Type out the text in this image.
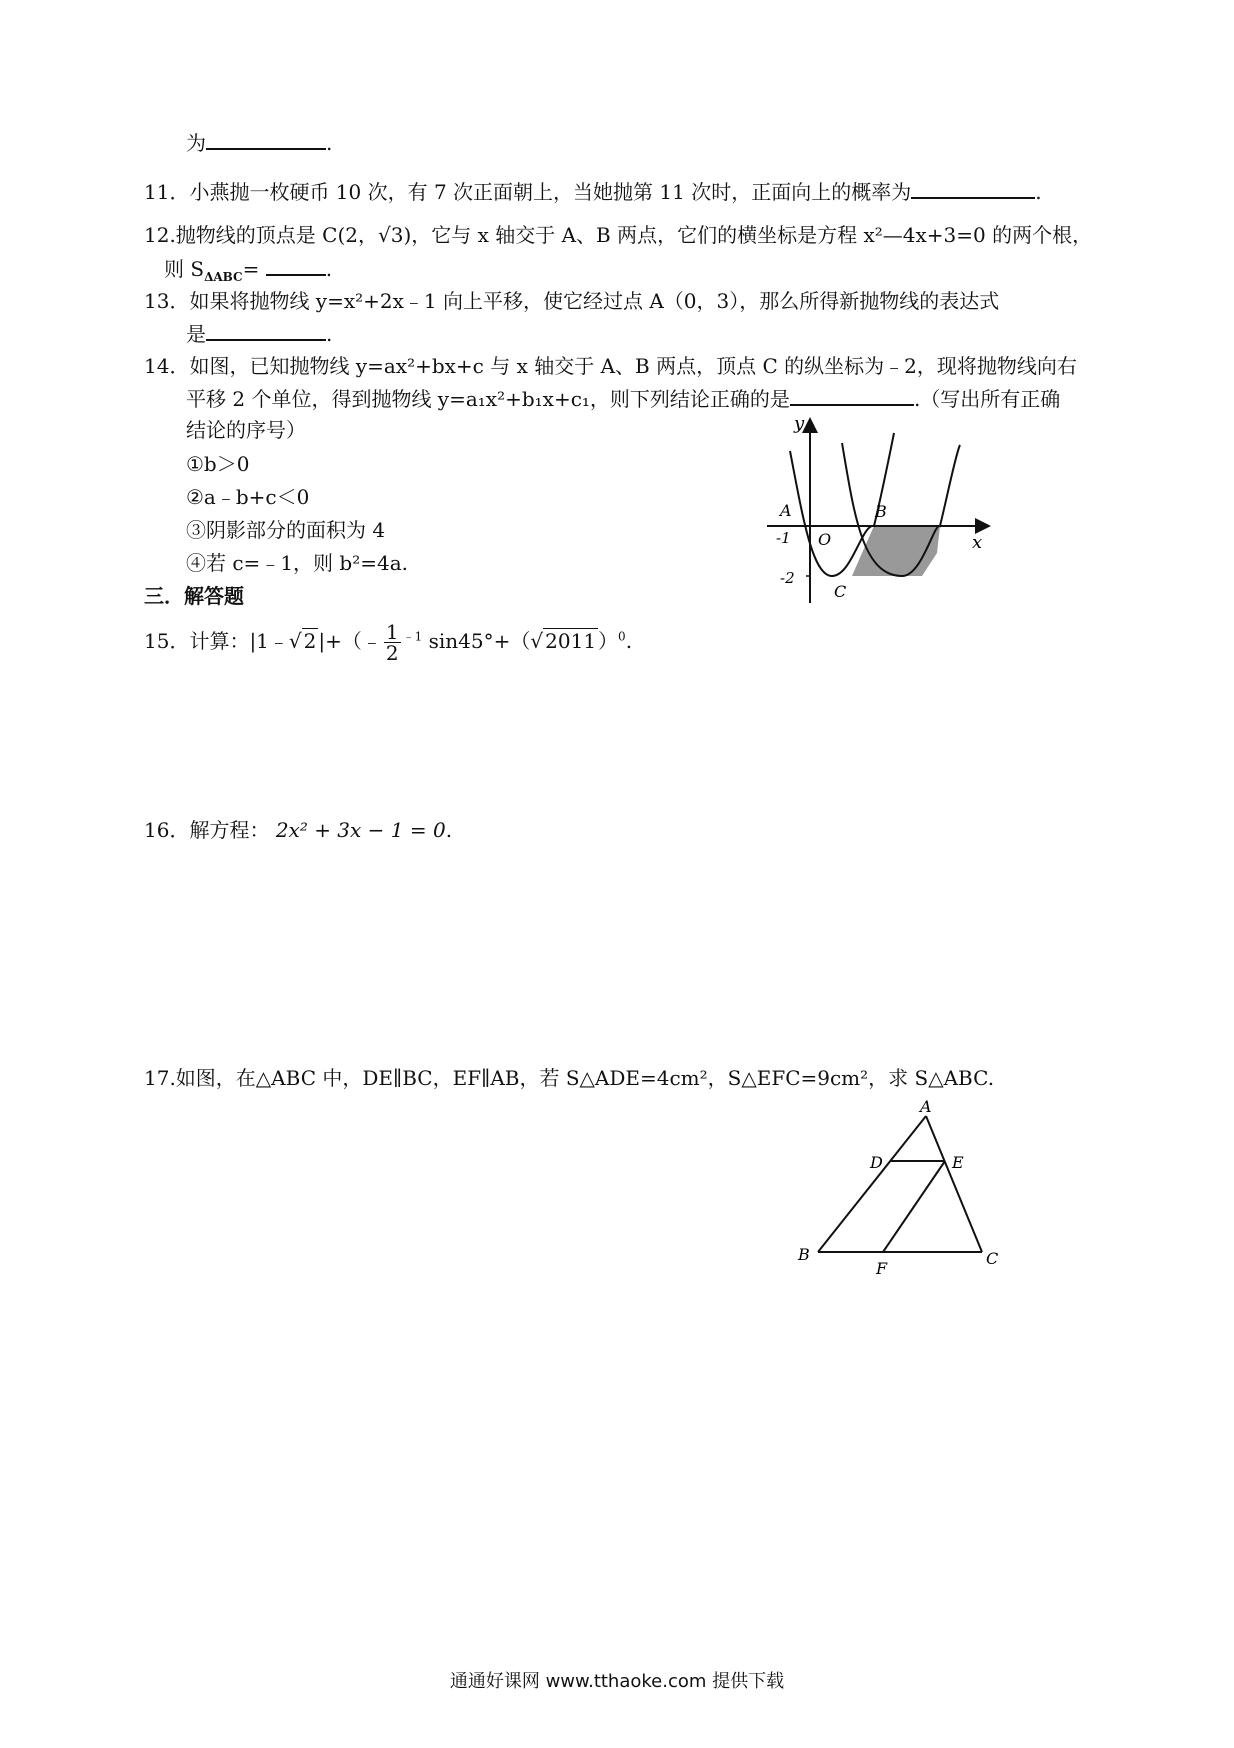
为	.
11．小燕抛一枚硬币 10 次，有 7 次正面朝上，当她抛第 11 次时，正面向上的概率为	.
12.抛物线的顶点是 C(2，√3)，它与 x 轴交于 A、B 两点，它们的横坐标是方程 x²—4x+3=0 的两个根，
则 $S_{\Delta ABC}=$	.
13．如果将抛物线 y=x²+2x﹣1 向上平移，使它经过点 A（0，3），那么所得新抛物线的表达式
是	.
14．如图，已知抛物线 y=ax²+bx+c 与 x 轴交于 A、B 两点，顶点 C 的纵坐标为﹣2，现将抛物线向右
平移 2 个单位，得到抛物线 y=a₁x²+b₁x+c₁，则下列结论正确的是	.（写出所有正确
结论的序号）
①b＞0
②a﹣b+c＜0
③阴影部分的面积为 4
④若 c=﹣1，则 b²=4a.
y
x
A	B
O
C
-1
-2
三．解答题
15．计算：|1﹣√ 2 |+（﹣ $\frac{1}{2} ^{﹣1}$ sin45°+（√ 2011 ）$^0$.
16．解方程： 2x² + 3x − 1 = 0.
17.如图，在△ABC 中，DE∥BC，EF∥AB，若 S△ADE=4cm²，S△EFC=9cm²，求 S△ABC.
A
D	E
B
F
C
通通好课网 www.tthaoke.com 提供下载
